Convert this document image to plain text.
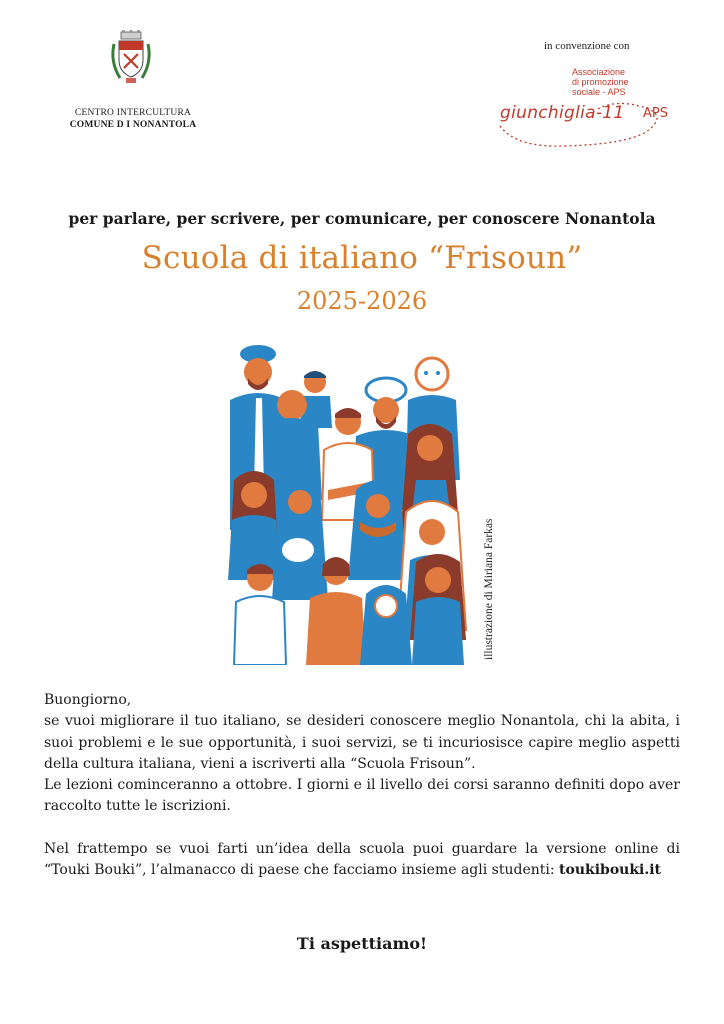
CENTRO INTERCULTURA
COMUNE D I NONANTOLA
in convenzione con
Associazione
di promozione
sociale - APS
giunchiglia-11 APS
per parlare, per scrivere, per comunicare, per conoscere Nonantola
Scuola di italiano “Frisoun”
2025-2026
illustrazione di Miriana Farkas

Buongiorno,

se vuoi migliorare il tuo italiano, se desideri conoscere meglio Nonantola, chi la abita, i suoi problemi e le sue opportunità, i suoi servizi, se ti incuriosisce capire meglio aspetti della cultura italiana, vieni a iscriverti alla “Scuola Frisoun”.

Le lezioni cominceranno a ottobre. I giorni e il livello dei corsi saranno definiti dopo aver raccolto tutte le iscrizioni.

Nel frattempo se vuoi farti un’idea della scuola puoi guardare la versione online di “Touki Bouki”, l’almanacco di paese che facciamo insieme agli studenti: toukibouki.it

Ti aspettiamo!
